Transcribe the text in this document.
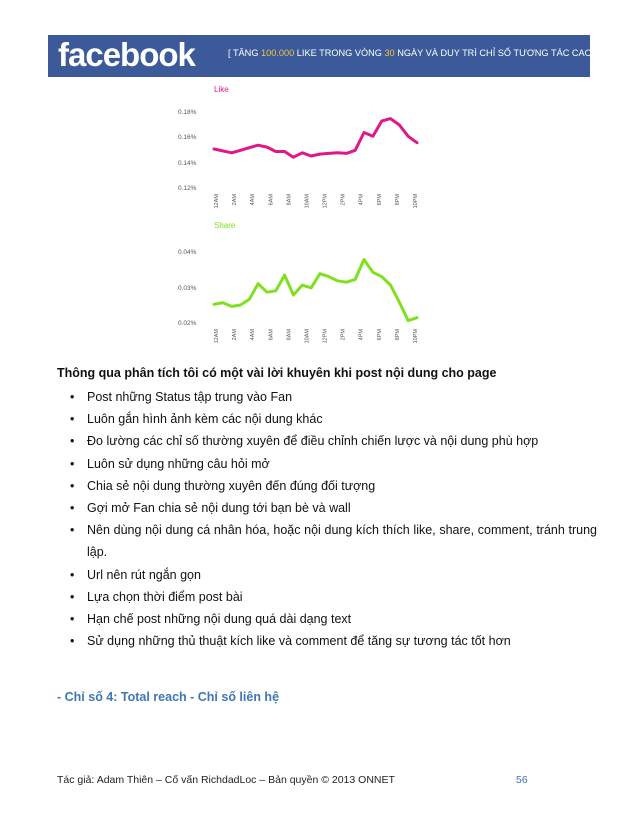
facebook	[ TĂNG 100.000 LIKE TRONG VÒNG 30 NGÀY VÀ DUY TRÌ CHỈ SỐ TƯƠNG TÁC CAO ]
Like
0.18%
0.16%
0.14%
0.12%
12AM 2AM 4AM 6AM 8AM 10AM 12PM 2PM 4PM 6PM 8PM 10PM
Share
0.04%
0.03%
0.02%
12AM 2AM 4AM 6AM 8AM 10AM 12PM 2PM 4PM 6PM 8PM 10PM
Thông qua phân tích tôi có một vài lời khuyên khi post nội dung cho page
• Post những Status tập trung vào Fan
• Luôn gắn hình ảnh kèm các nội dung khác
• Đo lường các chỉ số thường xuyên để điều chỉnh chiến lược và nội dung phù hợp
• Luôn sử dụng những câu hỏi mở
• Chia sẻ nội dung thường xuyên đến đúng đối tượng
• Gợi mở Fan chia sẻ nội dung tới bạn bè và wall
• Nên dùng nội dung cá nhân hóa, hoặc nội dung kích thích like, share, comment, tránh trung lập.
• Url nên rút ngắn gọn
• Lựa chọn thời điểm post bài
• Hạn chế post những nội dung quá dài dạng text
• Sử dụng những thủ thuật kích like và comment để tăng sự tương tác tốt hơn
- Chỉ số 4: Total reach - Chỉ số liên hệ
Tác giả: Adam Thiên – Cố vấn RichdadLoc – Bản quyền © 2013 ONNET	56
